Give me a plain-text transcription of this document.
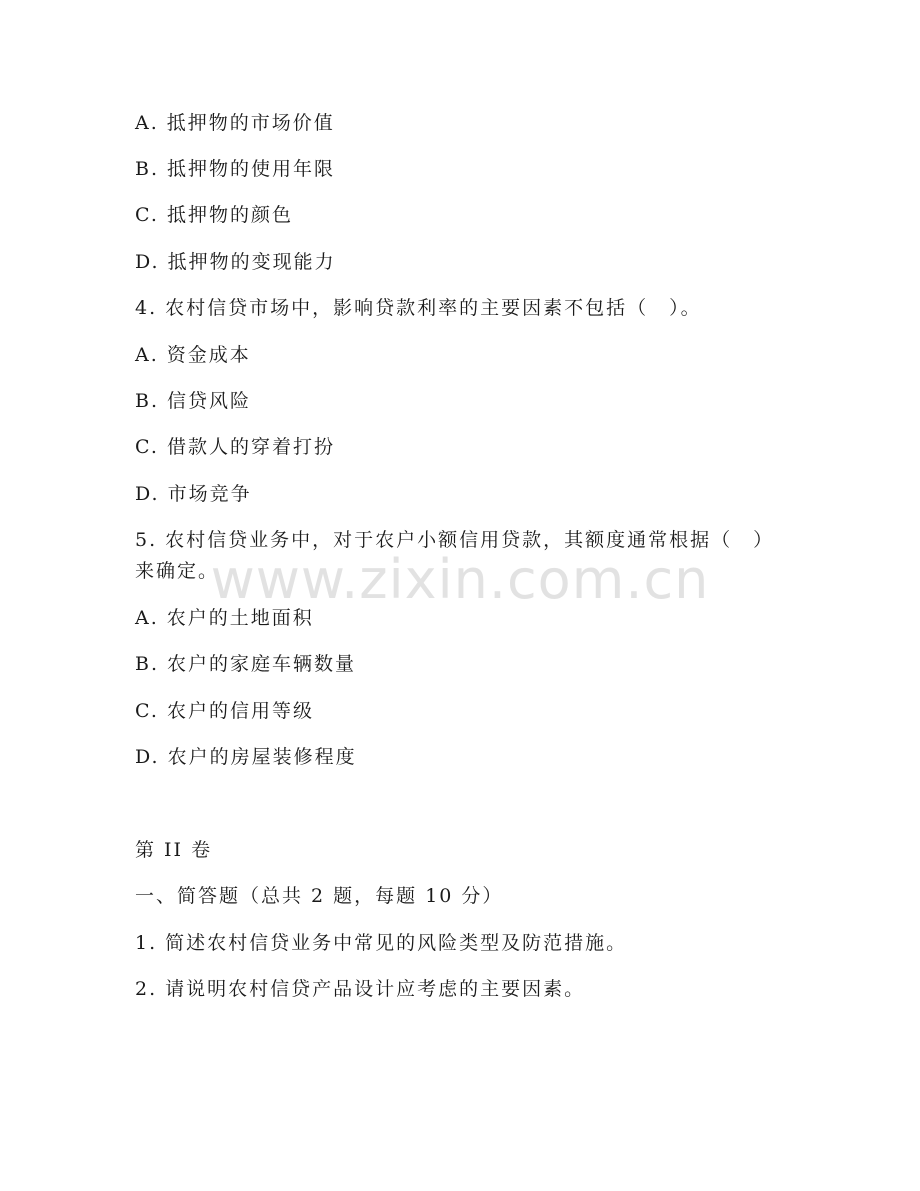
A. 抵押物的市场价值
B. 抵押物的使用年限
C. 抵押物的颜色
D. 抵押物的变现能力
4. 农村信贷市场中，影响贷款利率的主要因素不包括（　）。
A. 资金成本
B. 信贷风险
C. 借款人的穿着打扮
D. 市场竞争
5. 农村信贷业务中，对于农户小额信用贷款，其额度通常根据（　）
来确定。
A. 农户的土地面积
B. 农户的家庭车辆数量
C. 农户的信用等级
D. 农户的房屋装修程度
第 II 卷
一、简答题（总共 2 题，每题 10 分）
1. 简述农村信贷业务中常见的风险类型及防范措施。
2. 请说明农村信贷产品设计应考虑的主要因素。
www.zixin.com.cn
